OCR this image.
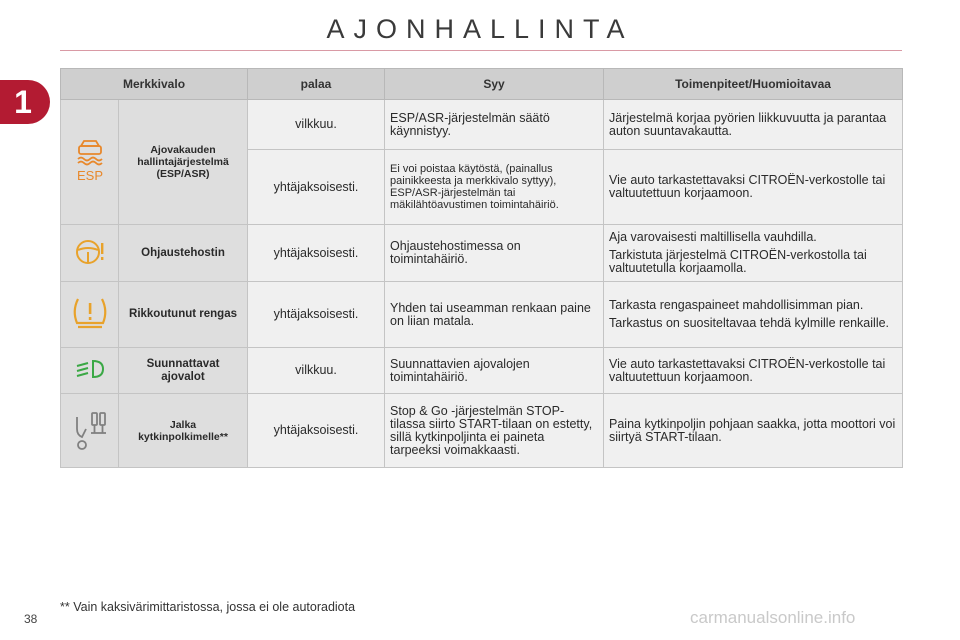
AJONHALLINTA
1	Merkkivalo		palaa	Syy	Toimenpiteet/Huomioitavaa

ESP	Ajovakauden hallintajärjestelmä (ESP/ASR)	vilkkuu.	ESP/ASR-järjestelmän säätö käynnistyy.	Järjestelmä korjaa pyörien liikkuvuutta ja parantaa auton suuntavakautta.

		yhtäjaksoisesti.	Ei voi poistaa käytöstä, (painallus painikkeesta ja merkkivalo syttyy), ESP/ASR-järjestelmän tai mäkilähtöavustimen toimintahäiriö.	Vie auto tarkastettavaksi CITROËN-verkostolle tai valtuutettuun korjaamoon.

	Ohjaustehostin	yhtäjaksoisesti.	Ohjaustehostimessa on toimintahäiriö.	Aja varovaisesti maltillisella vauhdilla.

Tarkistuta järjestelmä CITROËN-verkostolla tai valtuutetulla korjaamolla.

	Rikkoutunut rengas	yhtäjaksoisesti.	Yhden tai useamman renkaan paine on liian matala.	Tarkasta rengaspaineet mahdollisimman pian.

Tarkastus on suositeltavaa tehdä kylmille renkaille.

	Suunnattavat ajovalot	vilkkuu.	Suunnattavien ajovalojen toimintahäiriö.	Vie auto tarkastettavaksi CITROËN-verkostolle tai valtuutettuun korjaamoon.

	Jalka kytkinpolkimelle**	yhtäjaksoisesti.	Stop & Go -järjestelmän STOP-tilassa siirto START-tilaan on estetty, sillä kytkinpoljinta ei paineta tarpeeksi voimakkaasti.	Paina kytkinpoljin pohjaan saakka, jotta moottori voi siirtyä START-tilaan.

** Vain kaksivärimittaristossa, jossa ei ole autoradiota
38	carmanualsonline.info
